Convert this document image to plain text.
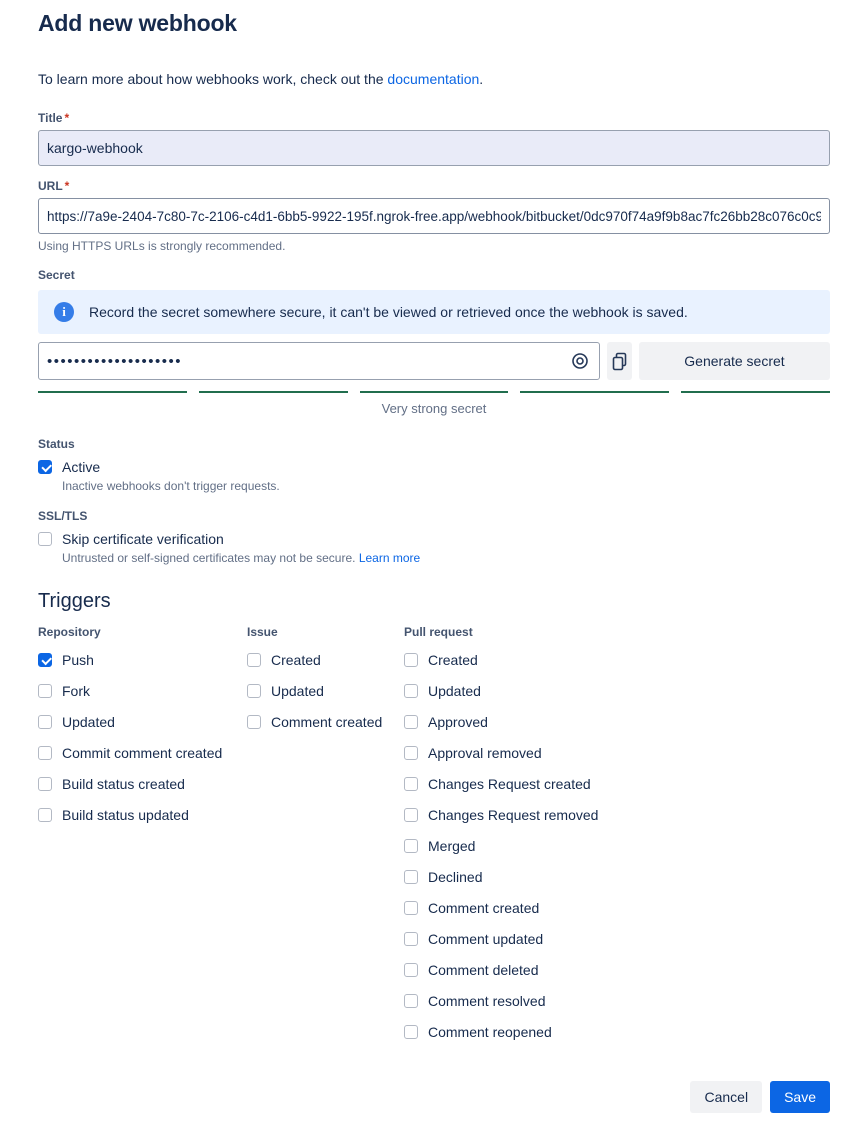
Add new webhook

To learn more about how webhooks work, check out the documentation.

Title *
kargo-webhook
URL *
https://7a9e-2404-7c80-7c-2106-c4d1-6bb5-9922-195f.ngrok-free.app/webhook/bitbucket/0dc970f74a9f9b8ac7fc26bb28c076c0c9
Using HTTPS URLs is strongly recommended.
Secret
i	Record the secret somewhere secure, it can't be viewed or retrieved once the webhook is saved.
••••••••••••••••••••
Generate secret
Very strong secret
Status
Active
Inactive webhooks don't trigger requests.
SSL/TLS
Skip certificate verification
Untrusted or self-signed certificates may not be secure. Learn more
Triggers
Repository
Push
Fork
Updated
Commit comment created
Build status created
Build status updated
Issue
Created
Updated
Comment created
Pull request
Created
Updated
Approved
Approval removed
Changes Request created
Changes Request removed
Merged
Declined
Comment created
Comment updated
Comment deleted
Comment resolved
Comment reopened
Cancel	Save
